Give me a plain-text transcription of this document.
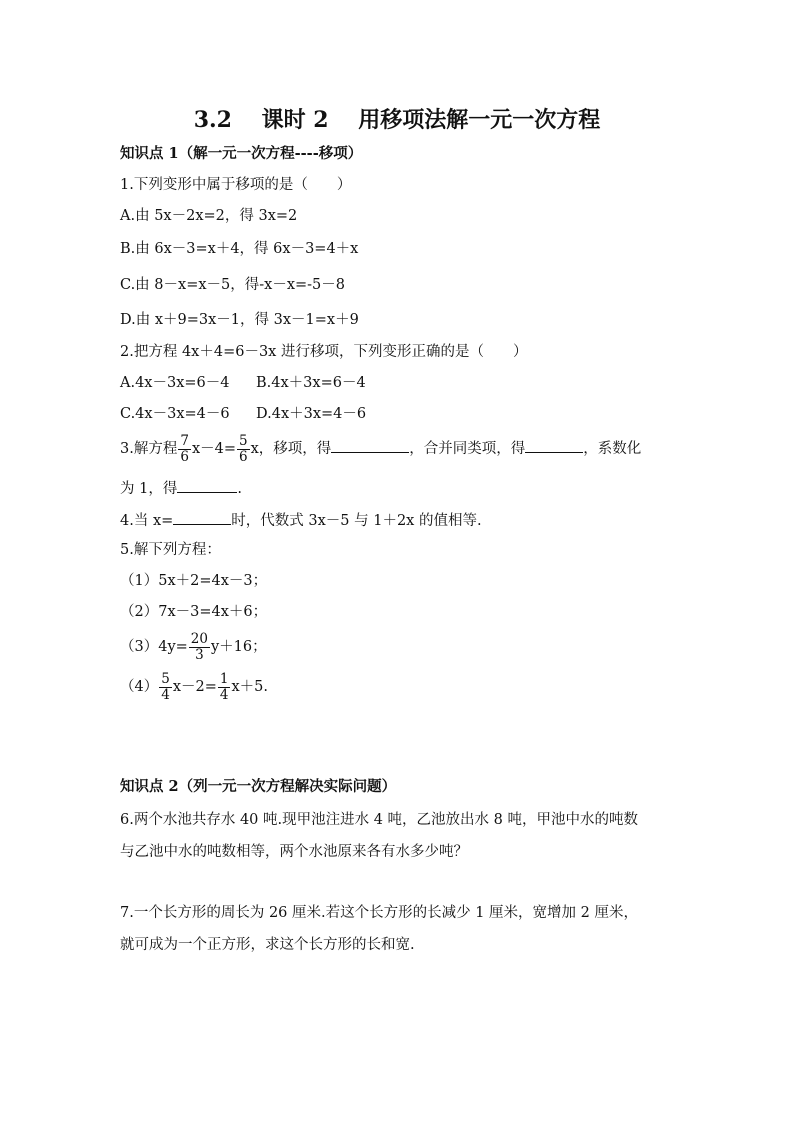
3.2　 课时 2　 用移项法解一元一次方程
知识点 1（解一元一次方程----移项）
1.下列变形中属于移项的是（　　）
A.由 5x－2x=2，得 3x=2
B.由 6x－3=x＋4，得 6x－3=4＋x
C.由 8－x=x－5，得-x－x=-5－8
D.由 x＋9=3x－1，得 3x－1=x＋9
2.把方程 4x＋4=6－3x 进行移项，下列变形正确的是（　　）
A.4x－3x=6－4 B.4x＋3x=6－4
C.4x－3x=4－6 D.4x＋3x=4－6
3.解方程 $\frac{7}{6} x-4= \frac{5}{6}$ x，移项，得	，合并同类项，得	，系数化
为 1，得	.
4.当 x=	时，代数式 3x－5 与 1＋2x 的值相等.
5.解下列方程：
（1）5x＋2=4x－3；
（2）7x－3=4x＋6；
$(3)4y= \frac{20}{3} y+16$；
$(4) \frac{5}{4} x-2= \frac{1}{4} x+5$.
知识点 2（列一元一次方程解决实际问题）
6.两个水池共存水 40 吨.现甲池注进水 4 吨，乙池放出水 8 吨，甲池中水的吨数
与乙池中水的吨数相等，两个水池原来各有水多少吨？
7.一个长方形的周长为 26 厘米.若这个长方形的长减少 1 厘米，宽增加 2 厘米，
就可成为一个正方形，求这个长方形的长和宽.
